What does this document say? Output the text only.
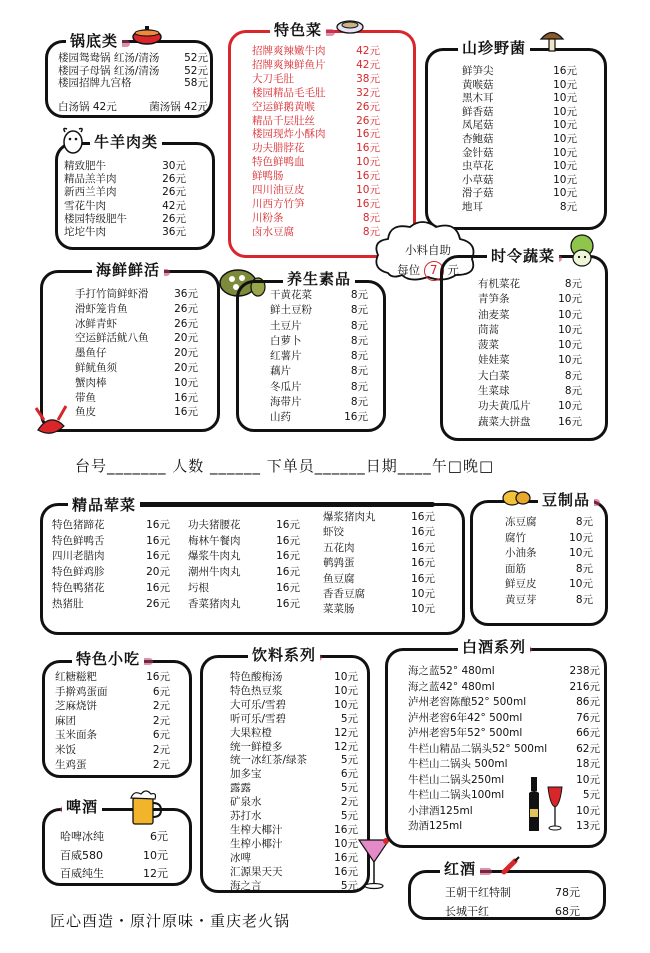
锅底类
楼园鸳鸯锅 红汤/清汤 52元
楼园子母锅 红汤/清汤 52元
楼园招牌九宫格	58元
白汤锅 42元	菌汤锅 42元
牛羊肉类
精致肥牛	30元
精品羔羊肉	26元
新西兰羊肉	26元
雪花牛肉	42元
楼园特级肥牛	26元
坨坨牛肉	36元
特色菜
招牌爽辣嫩牛肉	42元
招牌爽辣鲜鱼片	42元
大刀毛肚	38元
楼园精品毛毛肚	32元
空运鲜鹅黄喉	26元
精品千层肚丝	26元
楼园现炸小酥肉	16元
功夫腊脖花	16元
特色鲜鸭血	10元
鲜鸭肠	16元
四川油豆皮	10元
川西方竹笋	16元
川粉条	8元
卤水豆腐	8元
山珍野菌
鲜笋尖	16元
黄喉菇	10元
黑木耳	10元
鲜香菇	10元
凤尾菇	10元
杏鲍菇	10元
金针菇	10元
虫草花	10元
小草菇	10元
滑子菇	10元
地耳	8元
海鲜鲜活
手打竹筒鲜虾滑 36元
滑虾笼肯鱼	26元
冰鲜青虾	26元
空运鲜活鱿八鱼 20元
墨鱼仔	20元
鲜鱿鱼须	20元
蟹肉棒	10元
带鱼	16元
鱼皮	16元
养生素品
干黄花菜	8元
鲜土豆粉	8元
土豆片	8元
白萝卜	8元
红薯片	8元
藕片	8元
冬瓜片	8元
海带片	8元
山药	16元
小料自助
每位 7 元
时令蔬菜
有机菜花	8元
青笋条	10元
油麦菜	10元
茼蒿	10元
菠菜	10元
娃娃菜	10元
大白菜	8元
生菜球	8元
功夫黄瓜片	10元
蔬菜大拼盘	16元
台号_______ 人数 ______ 下单员______日期____午□晚□
精品荤菜
特色猪蹄花	16元
特色鲜鸭舌	16元
四川老腊肉	16元
特色鲜鸡胗	20元
特色鸭猪花	16元
热猪肚	26元
功夫猪腰花	16元
梅林午餐肉	16元
爆浆牛肉丸	16元
潮州牛肉丸	16元
圬根	16元
香菜猪肉丸	16元
爆浆猪肉丸	16元
虾饺	16元
五花肉	16元
鹌鹑蛋	16元
鱼豆腐	16元
香香豆腐	10元
菜菜肠	10元
豆制品
冻豆腐	8元
腐竹	10元
小油条	10元
面筋	8元
鲜豆皮	10元
黄豆芽	8元
特色小吃
红糖糍粑	16元
手擀鸡蛋面	6元
芝麻烧饼	2元
麻团	2元
玉米面条	6元
米饭	2元
生鸡蛋	2元
饮料系列
特色酸梅汤	10元
特色热豆浆	10元
大可乐/雪碧	10元
听可乐/雪碧	5元
大果粒橙	12元
统一鲜橙多	12元
统一冰红茶/绿茶	5元
加多宝	6元
露露	5元
矿泉水	2元
苏打水	5元
生榨大椰汁	16元
生榨小椰汁	10元
冰啤	16元
汇源果天天	16元
海之言	5元
白酒系列
海之蓝52° 480ml	238元
海之蓝42° 480ml	216元
泸州老窖陈酿52° 500ml	86元
泸州老窖6年42° 500ml	76元
泸州老窖5年52° 500ml	66元
牛栏山精品二锅头52° 500ml	62元
牛栏山二锅头 500ml	18元
牛栏山二锅头250ml	10元
牛栏山二锅头100ml	5元
小津酒125ml	10元
劲酒125ml	13元
啤酒
哈啤冰纯	6元
百威580	10元
百威纯生	12元	红酒
王朝干红特制	78元
长城干红	68元
匠心酉造・原汁原味・重庆老火锅
